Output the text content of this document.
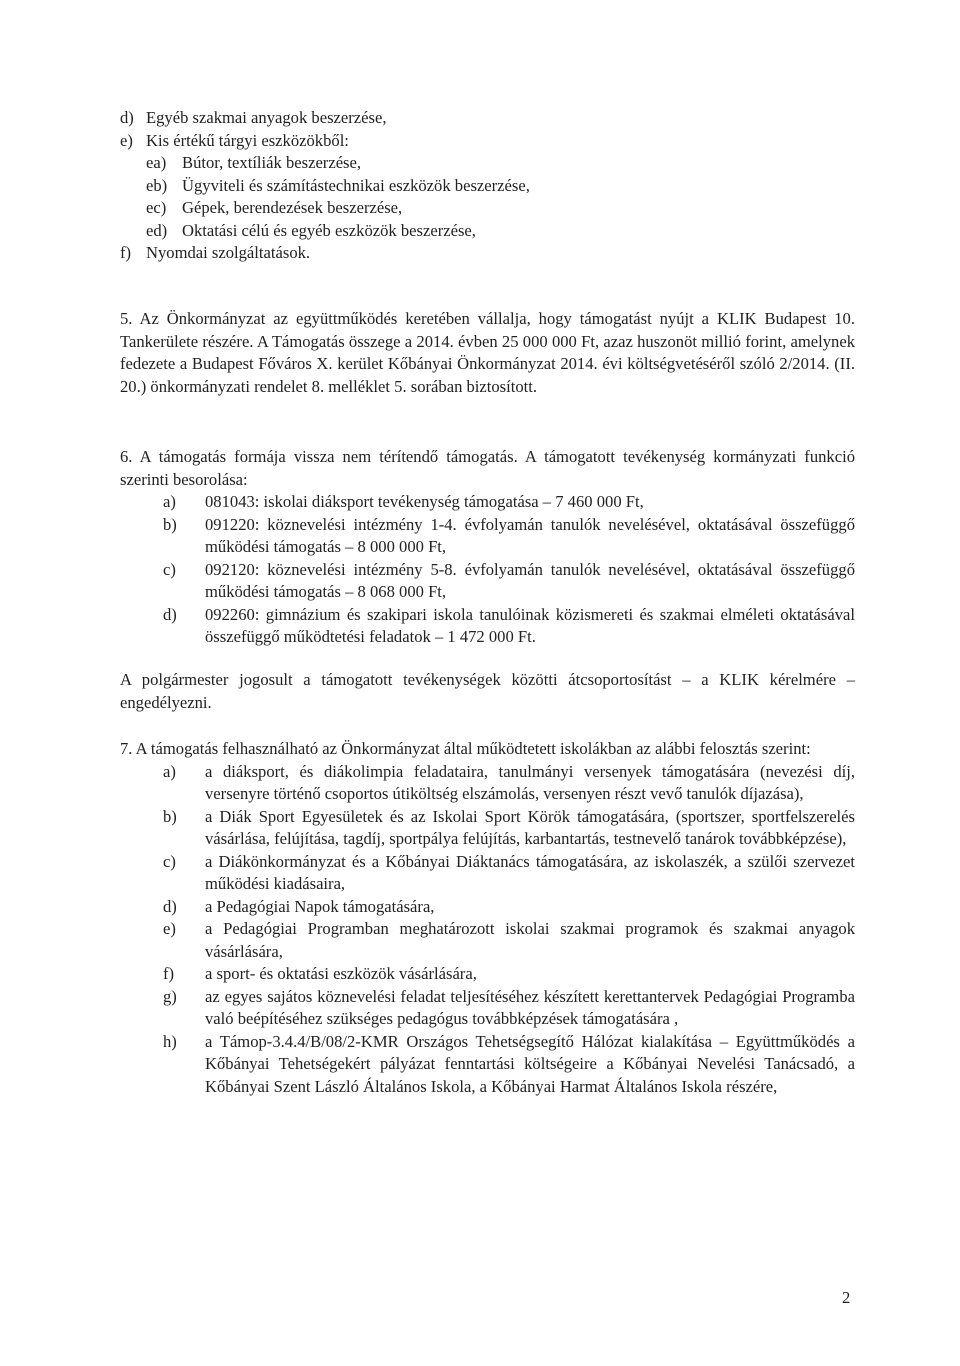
d) Egyéb szakmai anyagok beszerzése,
e) Kis értékű tárgyi eszközökből:
ea) Bútor, textíliák beszerzése,
eb) Ügyviteli és számítástechnikai eszközök beszerzése,
ec) Gépek, berendezések beszerzése,
ed) Oktatási célú és egyéb eszközök beszerzése,
f) Nyomdai szolgáltatások.
5. Az Önkormányzat az együttműködés keretében vállalja, hogy támogatást nyújt a KLIK Budapest 10. Tankerülete részére. A Támogatás összege a 2014. évben 25 000 000 Ft, azaz huszonöt millió forint, amelynek fedezete a Budapest Főváros X. kerület Kőbányai Önkormányzat 2014. évi költségvetéséről szóló 2/2014. (II. 20.) önkormányzati rendelet 8. melléklet 5. sorában biztosított.
6. A támogatás formája vissza nem térítendő támogatás. A támogatott tevékenység kormányzati funkció szerinti besorolása:
a)	081043: iskolai diáksport tevékenység támogatása – 7 460 000 Ft,
b)	091220: köznevelési intézmény 1-4. évfolyamán tanulók nevelésével, oktatásával összefüggő működési támogatás – 8 000 000 Ft,
c)	092120: köznevelési intézmény 5-8. évfolyamán tanulók nevelésével, oktatásával összefüggő működési támogatás – 8 068 000 Ft,
d)	092260: gimnázium és szakipari iskola tanulóinak közismereti és szakmai elméleti oktatásával összefüggő működtetési feladatok – 1 472 000 Ft.
A polgármester jogosult a támogatott tevékenységek közötti átcsoportosítást – a KLIK kérelmére – engedélyezni.
7. A támogatás felhasználható az Önkormányzat által működtetett iskolákban az alábbi felosztás szerint:
a)	a diáksport, és diákolimpia feladataira, tanulmányi versenyek támogatására (nevezési díj, versenyre történő csoportos útiköltség elszámolás, versenyen részt vevő tanulók díjazása),
b)	a Diák Sport Egyesületek és az Iskolai Sport Körök támogatására, (sportszer, sportfelszerelés vásárlása, felújítása, tagdíj, sportpálya felújítás, karbantartás, testnevelő tanárok továbbképzése),
c)	a Diákönkormányzat és a Kőbányai Diáktanács támogatására, az iskolaszék, a szülői szervezet működési kiadásaira,
d)	a Pedagógiai Napok támogatására,
e)	a Pedagógiai Programban meghatározott iskolai szakmai programok és szakmai anyagok vásárlására,
f)	a sport- és oktatási eszközök vásárlására,
g)	az egyes sajátos köznevelési feladat teljesítéséhez készített kerettantervek Pedagógiai Programba való beépítéséhez szükséges pedagógus továbbképzések támogatására ,
h)	a Támop-3.4.4/B/08/2-KMR Országos Tehetségsegítő Hálózat kialakítása – Együttműködés a Kőbányai Tehetségekért pályázat fenntartási költségeire a Kőbányai Nevelési Tanácsadó, a Kőbányai Szent László Általános Iskola, a Kőbányai Harmat Általános Iskola részére,
2
